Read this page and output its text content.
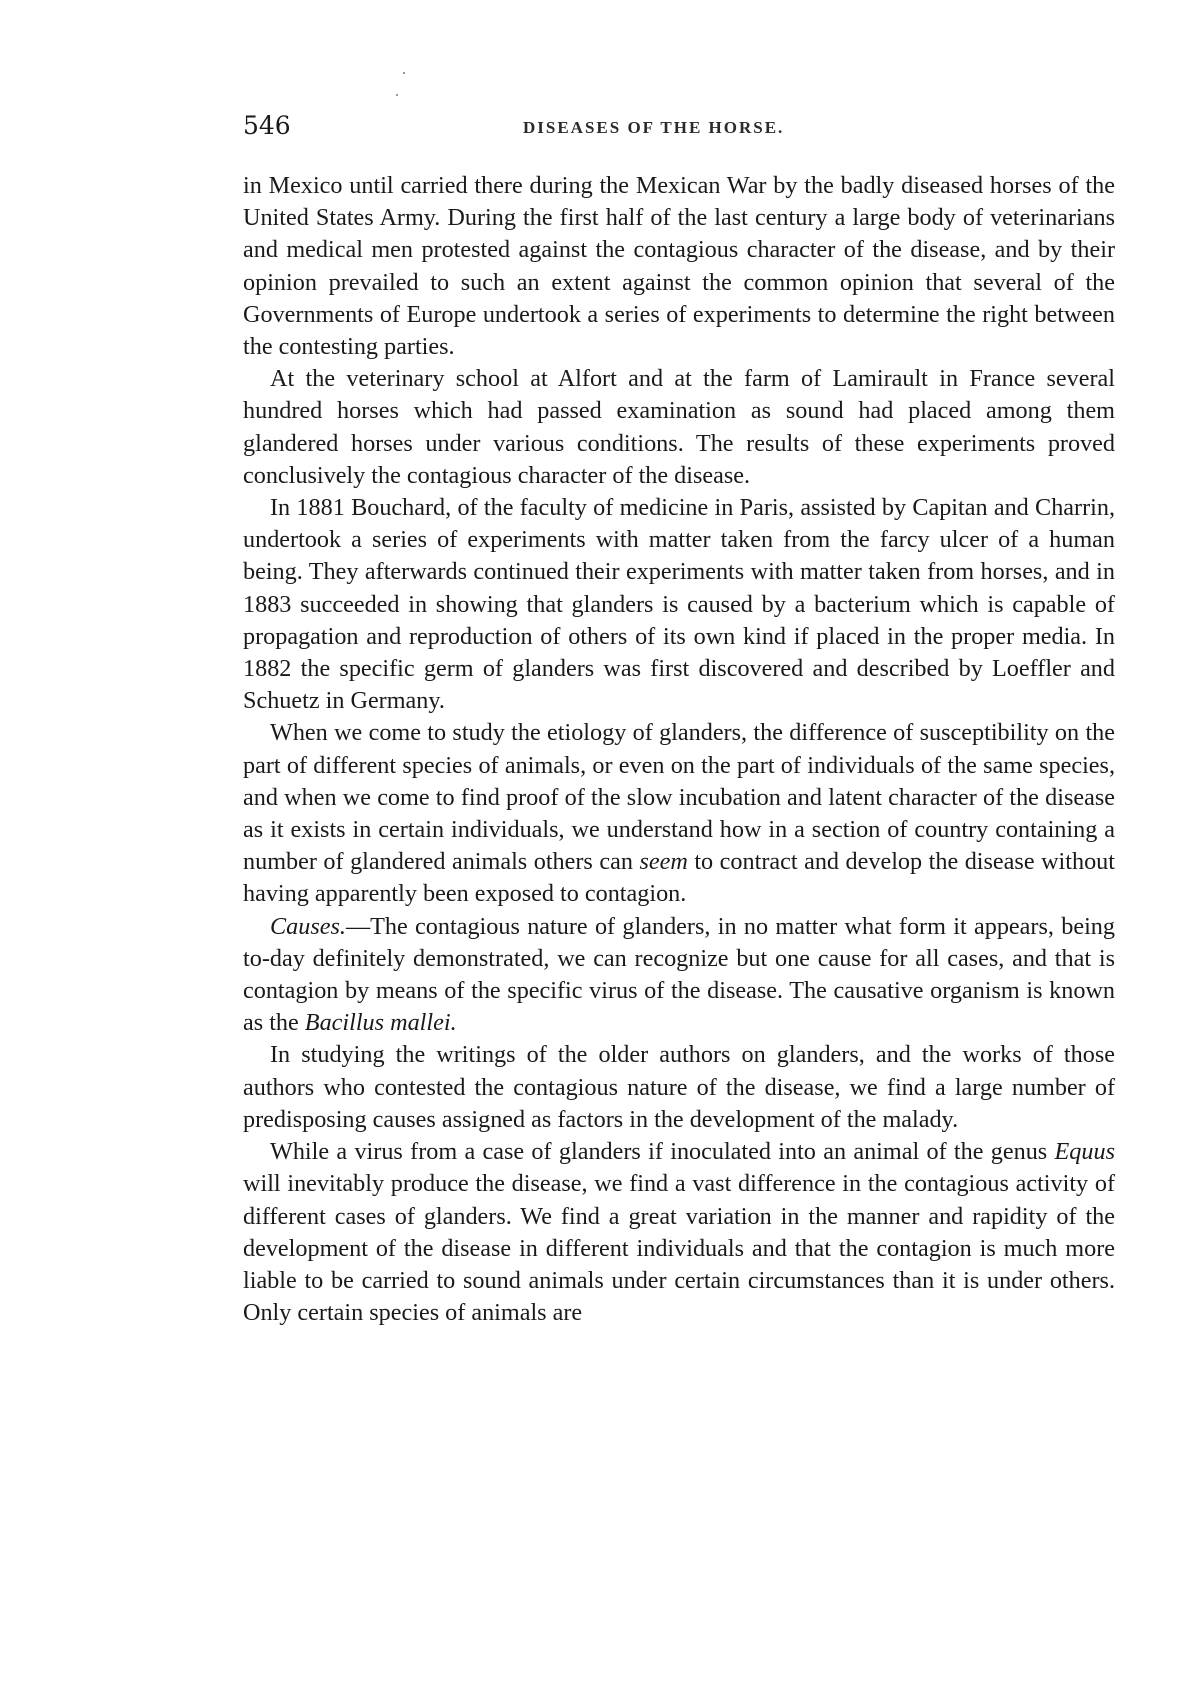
546	DISEASES OF THE HORSE.

in Mexico until carried there during the Mexican War by the badly diseased horses of the United States Army. During the first half of the last century a large body of veterinarians and medical men protested against the contagious character of the disease, and by their opinion prevailed to such an extent against the common opinion that several of the Governments of Europe undertook a series of experiments to determine the right between the contesting parties.

At the veterinary school at Alfort and at the farm of Lamirault in France several hundred horses which had passed examination as sound had placed among them glandered horses under various conditions. The results of these experiments proved conclusively the contagious character of the disease.

In 1881 Bouchard, of the faculty of medicine in Paris, assisted by Capitan and Charrin, undertook a series of experiments with matter taken from the farcy ulcer of a human being. They afterwards continued their experiments with matter taken from horses, and in 1883 succeeded in showing that glanders is caused by a bacterium which is capable of propagation and reproduction of others of its own kind if placed in the proper media. In 1882 the specific germ of glanders was first discovered and described by Loeffler and Schuetz in Germany.

When we come to study the etiology of glanders, the difference of susceptibility on the part of different species of animals, or even on the part of individuals of the same species, and when we come to find proof of the slow incubation and latent character of the disease as it exists in certain individuals, we understand how in a section of country containing a number of glandered animals others can seem to contract and develop the disease without having apparently been exposed to contagion.

Causes.—The contagious nature of glanders, in no matter what form it appears, being to-day definitely demonstrated, we can recognize but one cause for all cases, and that is contagion by means of the specific virus of the disease. The causative organism is known as the Bacillus mallei.

In studying the writings of the older authors on glanders, and the works of those authors who contested the contagious nature of the disease, we find a large number of predisposing causes assigned as factors in the development of the malady.

While a virus from a case of glanders if inoculated into an animal of the genus Equus will inevitably produce the disease, we find a vast difference in the contagious activity of different cases of glanders. We find a great variation in the manner and rapidity of the development of the disease in different individuals and that the contagion is much more liable to be carried to sound animals under certain circumstances than it is under others. Only certain species of animals are
